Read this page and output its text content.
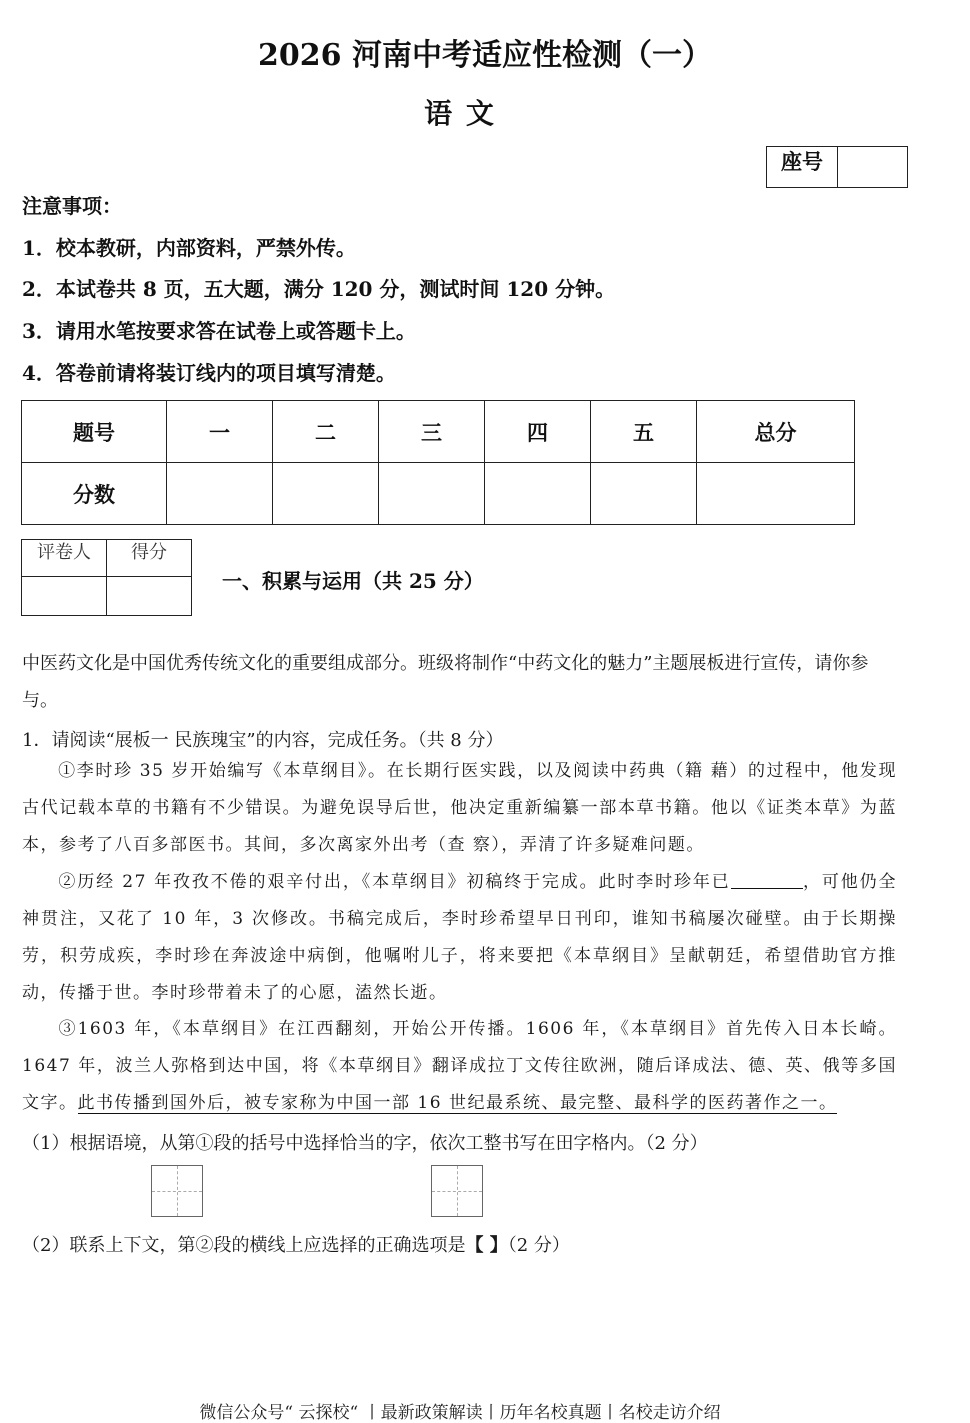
2026 河南中考适应性检测（一）
语 文
座号
注意事项：
1．校本教研，内部资料，严禁外传。
2．本试卷共 8 页，五大题，满分 120 分，测试时间 120 分钟。
3．请用水笔按要求答在试卷上或答题卡上。
4．答卷前请将装订线内的项目填写清楚。
题号	一	二	三	四	五	总分
分数						
评卷人	得分

一、积累与运用（共 25 分）
中医药文化是中国优秀传统文化的重要组成部分。班级将制作“中药文化的魅力”主题展板进行宣传，请你参与。
1．请阅读“展板一 民族瑰宝”的内容，完成任务。（共 8 分）
①李时珍 35 岁开始编写《本草纲目》。在长期行医实践，以及阅读中药典（籍 藉）的过程中，他发现古代记载本草的书籍有不少错误。为避免误导后世，他决定重新编纂一部本草书籍。他以《证类本草》为蓝本，参考了八百多部医书。其间，多次离家外出考（查 察），弄清了许多疑难问题。
②历经 27 年孜孜不倦的艰辛付出，《本草纲目》初稿终于完成。此时李时珍年已	，可他仍全神贯注，又花了 10 年，3 次修改。书稿完成后，李时珍希望早日刊印，谁知书稿屡次碰壁。由于长期操劳，积劳成疾，李时珍在奔波途中病倒，他嘱咐儿子，将来要把《本草纲目》呈献朝廷，希望借助官方推动，传播于世。李时珍带着未了的心愿，溘然长逝。
③1603 年，《本草纲目》在江西翻刻，开始公开传播。1606 年，《本草纲目》首先传入日本长崎。1647 年，波兰人弥格到达中国，将《本草纲目》翻译成拉丁文传往欧洲，随后译成法、德、英、俄等多国文字。此书传播到国外后，被专家称为中国一部 16 世纪最系统、最完整、最科学的医药著作之一。
（1）根据语境，从第①段的括号中选择恰当的字，依次工整书写在田字格内。（2 分）
（2）联系上下文，第②段的横线上应选择的正确选项是【 】（2 分）
微信公众号“ 云探校“ 丨最新政策解读丨历年名校真题丨名校走访介绍
